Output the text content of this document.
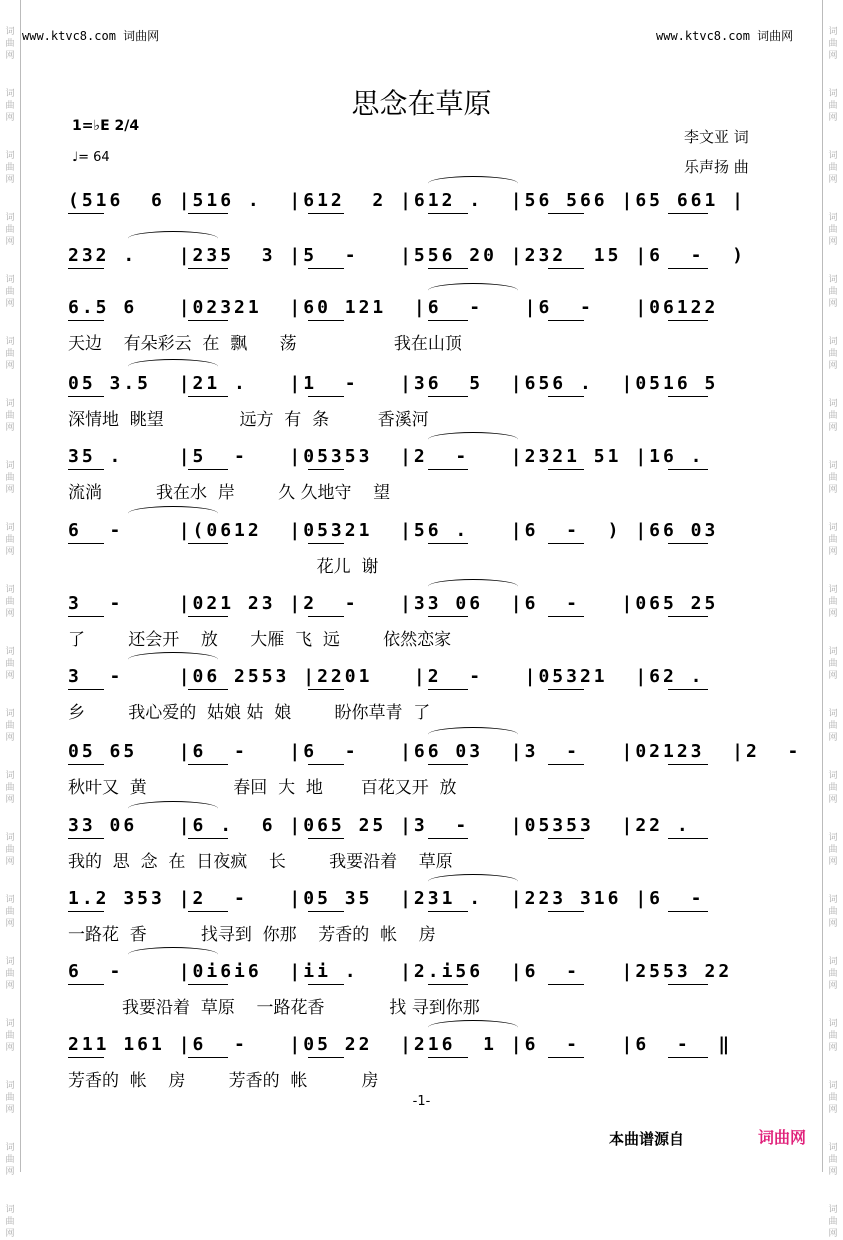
www.ktvc8.com 词曲网	www.ktvc8.com 词曲网
词
曲
网
词
曲
网
词
曲
网
词
曲
网
词
曲
网
词
曲
网
词
曲
网
词
曲
网
词
曲
网
词
曲
网
词
曲
网
词
曲
网
词
曲
网
词
曲
网
词
曲
网
词
曲
网
词
曲
网
词
曲
网
词
曲
网
词
曲
网
词
曲
网
词
曲
网
词
曲
网
词
曲
网
词
曲
网
词
曲
网
词
曲
网
词
曲
网
词
曲
网
词
曲
网
词
曲
网
词
曲
网
词
曲
网
词
曲
网
词
曲
网
词
曲
网
词
曲
网
词
曲
网
词
曲
网
词
曲
网
思念在草原
1=♭E 2/4
♩= 64
李文亚 词
乐声扬 曲
(516  6 |516 .  |612  2 |612 .  |56 566 |65 661 |
232 .   |235  3 |5  -   |556 20 |232  15 |6  -  )
6.5 6   |02321  |60 121  |6  -   |6  -   |06122
天边    有朵彩云  在  飘      荡                  我在山顶
05 3.5  |21 .   |1  -   |36  5  |656 .  |0516 5
深情地  眺望              远方  有  条         香溪河
35 .    |5  -   |05353  |2  -   |2321 51 |16 .
流淌          我在水  岸        久 久地守    望
6  -    |(0612  |05321  |56 .   |6  -  ) |66 03
花儿  谢
3  -    |021 23 |2  -   |33 06  |6  -   |065 25
了        还会开    放      大雁  飞  远        依然恋家
3  -    |06 2553 |2201   |2  -   |05321  |62 .
乡        我心爱的  姑娘 姑  娘        盼你草青  了
05 65   |6  -   |6  -   |66 03  |3  -   |02123  |2  -
秋叶又  黄                春回  大  地       百花又开  放
33 06   |6 .  6 |065 25 |3  -   |05353  |22 .
我的  思  念  在  日夜疯    长        我要沿着    草原
1.2 353 |2  -   |05 35  |231 .  |223 316 |6  -
一路花  香          找寻到  你那    芳香的  帐    房
6  -    |0i6i6  |ii .   |2.i56  |6  -   |2553 22
我要沿着  草原    一路花香            找 寻到你那
211 161 |6  -   |05 22  |216  1 |6  -   |6  -  ‖
芳香的  帐    房        芳香的  帐          房
-1-
本曲谱源自	词曲网
